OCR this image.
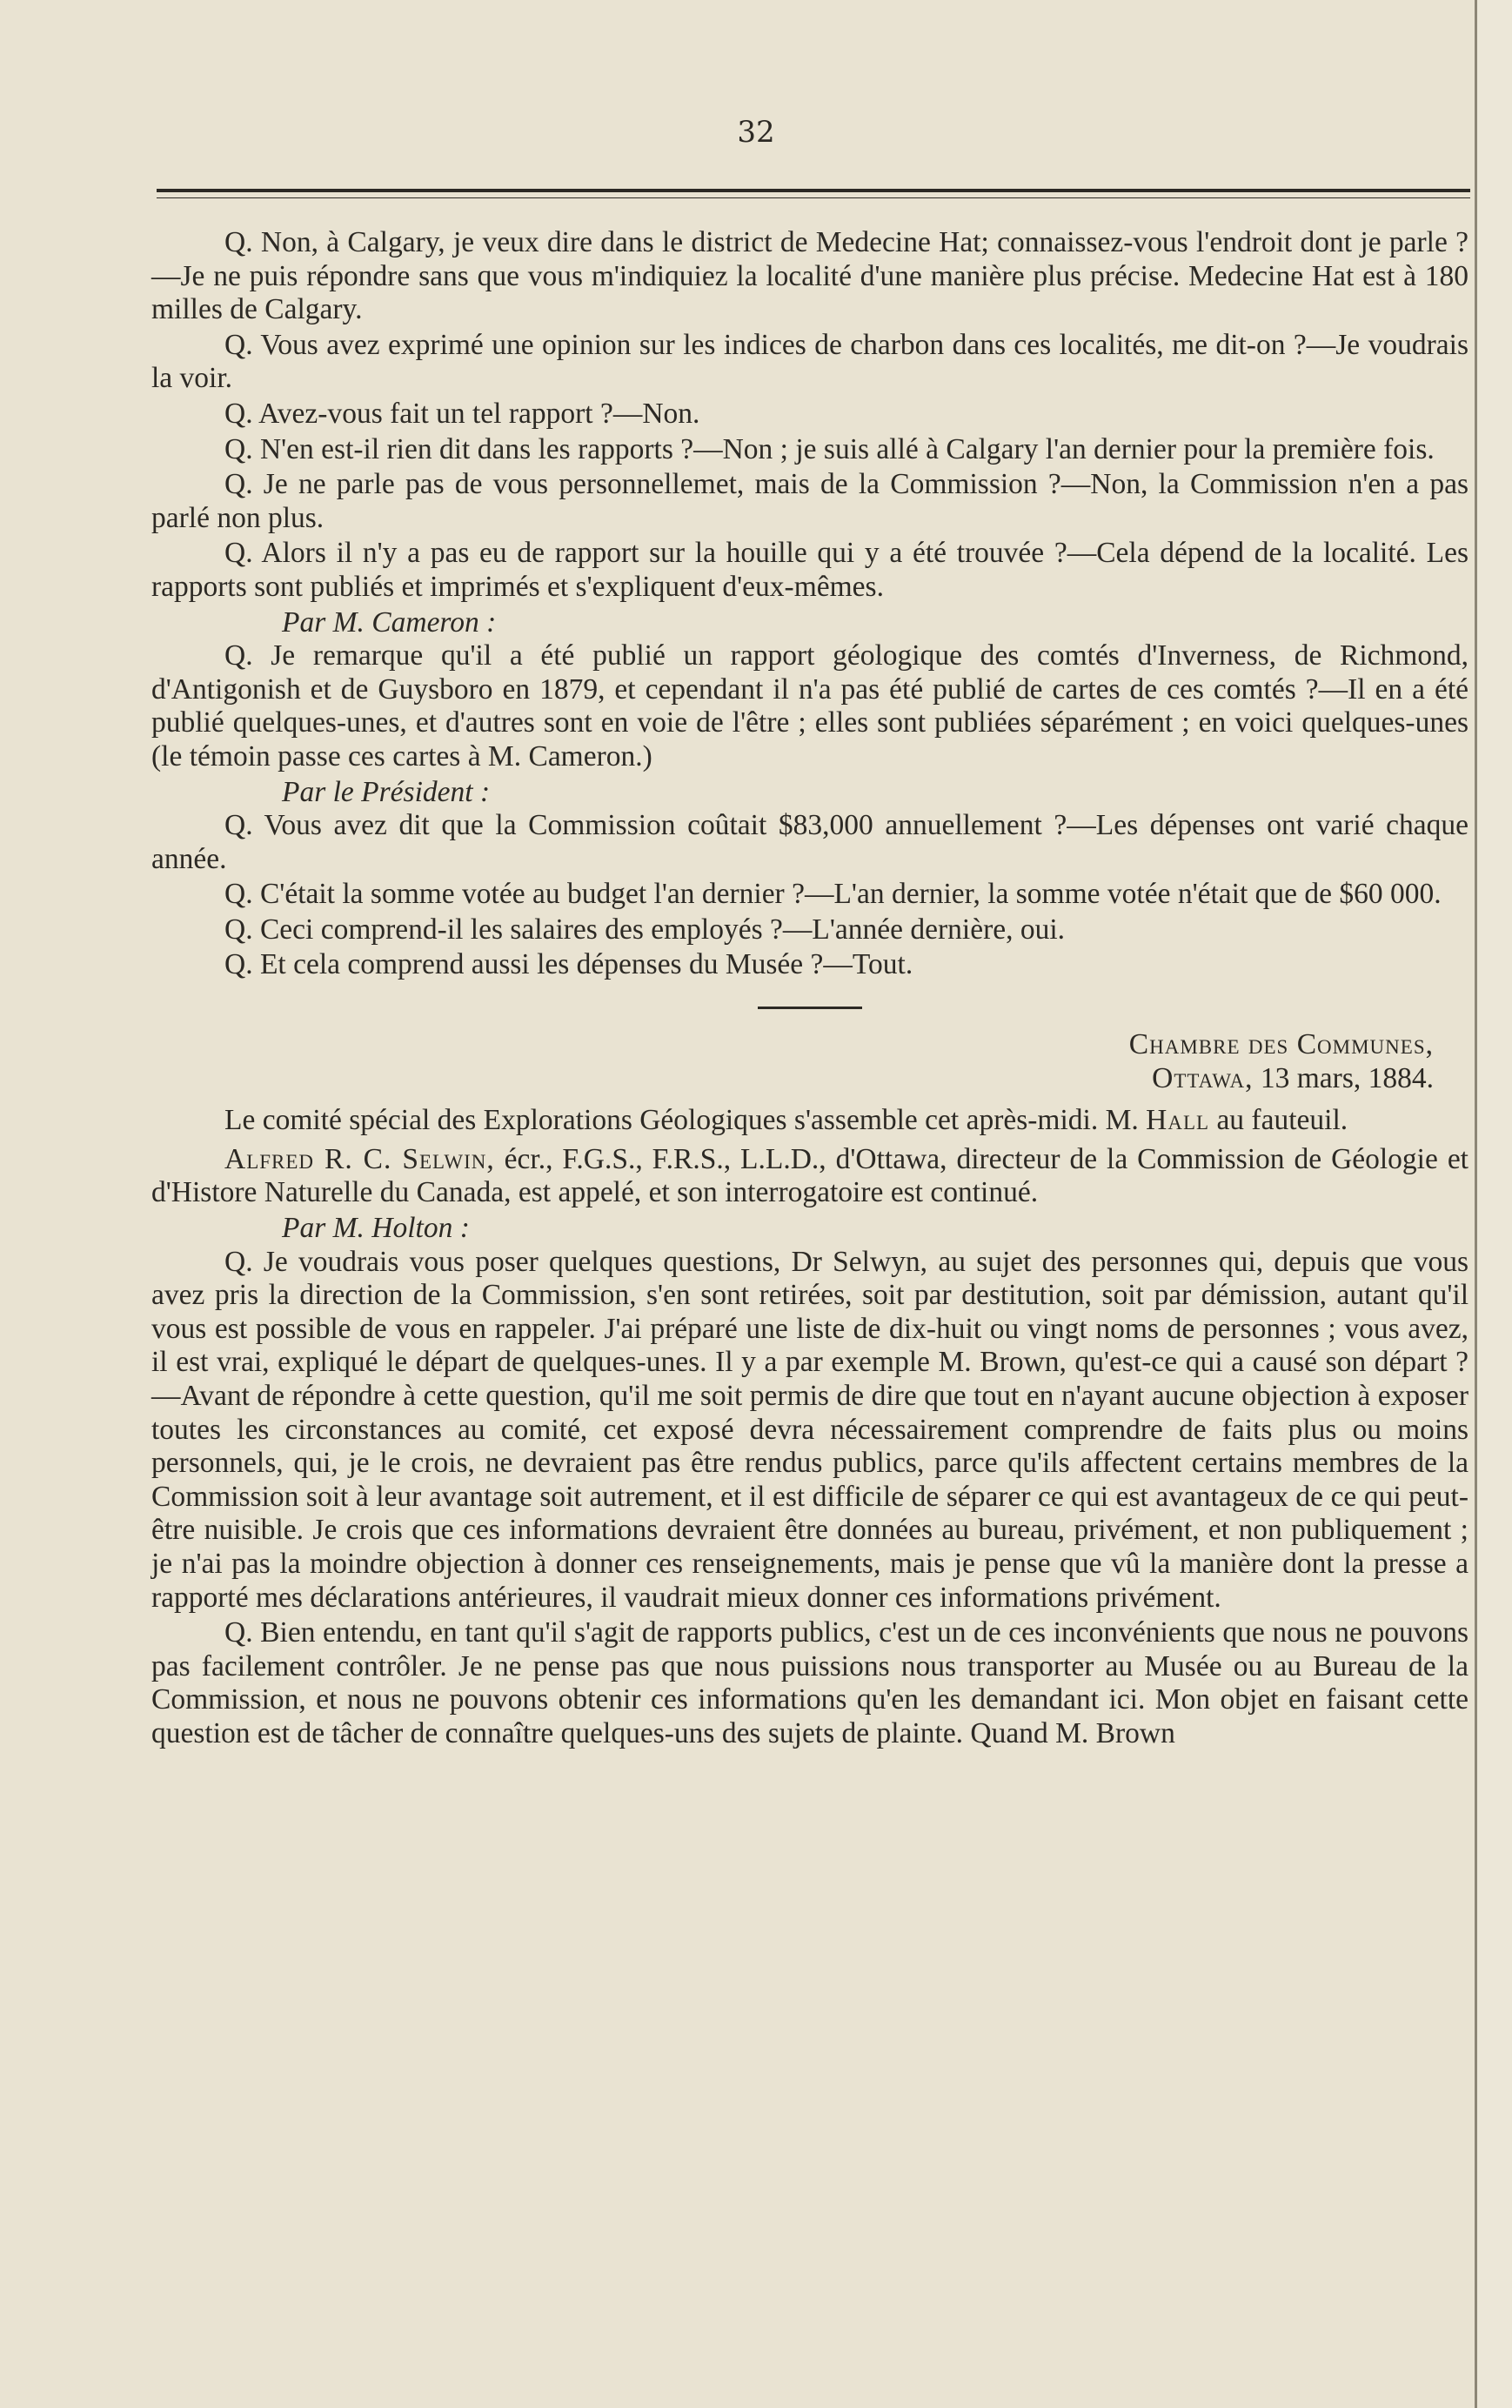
32

Q. Non, à Calgary, je veux dire dans le district de Medecine Hat; connaissez-vous l'endroit dont je parle ?—Je ne puis répondre sans que vous m'indiquiez la localité d'une manière plus précise. Medecine Hat est à 180 milles de Calgary.

Q. Vous avez exprimé une opinion sur les indices de charbon dans ces localités, me dit-on ?—Je voudrais la voir.

Q. Avez-vous fait un tel rapport ?—Non.

Q. N'en est-il rien dit dans les rapports ?—Non ; je suis allé à Calgary l'an dernier pour la première fois.

Q. Je ne parle pas de vous personnellemet, mais de la Commission ?—Non, la Commission n'en a pas parlé non plus.

Q. Alors il n'y a pas eu de rapport sur la houille qui y a été trouvée ?—Cela dépend de la localité. Les rapports sont publiés et imprimés et s'expliquent d'eux-mêmes.

Par M. Cameron :

Q. Je remarque qu'il a été publié un rapport géologique des comtés d'Inverness, de Richmond, d'Antigonish et de Guysboro en 1879, et cependant il n'a pas été publié de cartes de ces comtés ?—Il en a été publié quelques-unes, et d'autres sont en voie de l'être ; elles sont publiées séparément ; en voici quelques-unes (le témoin passe ces cartes à M. Cameron.)

Par le Président :

Q. Vous avez dit que la Commission coûtait $83,000 annuellement ?—Les dépenses ont varié chaque année.

Q. C'était la somme votée au budget l'an dernier ?—L'an dernier, la somme votée n'était que de $60 000.

Q. Ceci comprend-il les salaires des employés ?—L'année dernière, oui.

Q. Et cela comprend aussi les dépenses du Musée ?—Tout.

Chambre des Communes,
Ottawa, 13 mars, 1884.

Le comité spécial des Explorations Géologiques s'assemble cet après-midi. M. Hall au fauteuil.

Alfred R. C. Selwin, écr., F.G.S., F.R.S., L.L.D., d'Ottawa, directeur de la Commission de Géologie et d'Histore Naturelle du Canada, est appelé, et son interrogatoire est continué.

Par M. Holton :

Q. Je voudrais vous poser quelques questions, Dr Selwyn, au sujet des personnes qui, depuis que vous avez pris la direction de la Commission, s'en sont retirées, soit par destitution, soit par démission, autant qu'il vous est possible de vous en rappeler. J'ai préparé une liste de dix-huit ou vingt noms de personnes ; vous avez, il est vrai, expliqué le départ de quelques-unes. Il y a par exemple M. Brown, qu'est-ce qui a causé son départ ?—Avant de répondre à cette question, qu'il me soit permis de dire que tout en n'ayant aucune objection à exposer toutes les circonstances au comité, cet exposé devra nécessairement comprendre de faits plus ou moins personnels, qui, je le crois, ne devraient pas être rendus publics, parce qu'ils affectent certains membres de la Commission soit à leur avantage soit autrement, et il est difficile de séparer ce qui est avantageux de ce qui peut-être nuisible. Je crois que ces informations devraient être données au bureau, privément, et non publiquement ; je n'ai pas la moindre objection à donner ces renseignements, mais je pense que vû la manière dont la presse a rapporté mes déclarations antérieures, il vaudrait mieux donner ces informations privément.

Q. Bien entendu, en tant qu'il s'agit de rapports publics, c'est un de ces inconvénients que nous ne pouvons pas facilement contrôler. Je ne pense pas que nous puissions nous transporter au Musée ou au Bureau de la Commission, et nous ne pouvons obtenir ces informations qu'en les demandant ici. Mon objet en faisant cette question est de tâcher de connaître quelques-uns des sujets de plainte. Quand M. Brown
